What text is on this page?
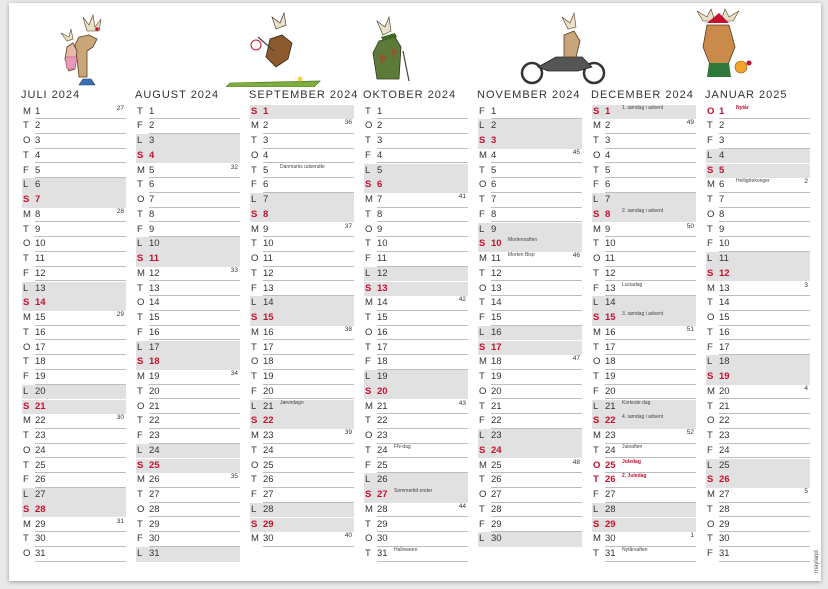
JULI 2024
M 1	27
T 2
O 3
T 4
F 5
L 6
S 7
M 8	28
T 9
O 10
T 11
F 12
L 13
S 14
M 15	29
T 16
O 17
T 18
F 19
L 20
S 21
M 22	30
T 23
O 24
T 25
F 26
L 27
S 28
M 29	31
T 30
O 31
AUGUST 2024
T 1
F 2
L 3
S 4
M 5	32
T 6
O 7
T 8
F 9
L 10
S 11
M 12	33
T 13
O 14
T 15
F 16
L 17
S 18
M 19	34
T 20
O 21
T 22
F 23
L 24
S 25
M 26	35
T 27
O 28
T 29
F 30
L 31
SEPTEMBER 2024
S 1
M 2	36
T 3
O 4
T 5	Danmarks udsendte
F 6
L 7
S 8
M 9	37
T 10
O 11
T 12
F 13
L 14
S 15
M 16	38
T 17
O 18
T 19
F 20
L 21	Jævndøgn
S 22
M 23	39
T 24
O 25
T 26
F 27
L 28
S 29
M 30	40
OKTOBER 2024
T 1
O 2
T 3
F 4
L 5
S 6
M 7	41
T 8
O 9
T 10
F 11
L 12
S 13
M 14	42
T 15
O 16
T 17
F 18
L 19
S 20
M 21	43
T 22
O 23
T 24	FN-dag
F 25
L 26
S 27	Sommertid ender
M 28	44
T 29
O 30
T 31	Halloween
NOVEMBER 2024
F 1
L 2
S 3
M 4	45
T 5
O 6
T 7
F 8
L 9
S 10	Mortensaften
M 11	Morten Bisp	46
T 12
O 13
T 14
F 15
L 16
S 17
M 18	47
T 19
O 20
T 21
F 22
L 23
S 24
M 25	48
T 26
O 27
T 28
F 29
L 30
DECEMBER 2024
S 1	1. søndag i advent
M 2	49
T 3
O 4
T 5
F 6
L 7
S 8	2. søndag i advent
M 9	50
T 10
O 11
T 12
F 13	Luciadag
L 14
S 15	3. søndag i advent
M 16	51
T 17
O 18
T 19
F 20
L 21	Korteste dag
S 22	4. søndag i advent
M 23	52
T 24	Juleaften
O 25	Juledag
T 26	2. Juledag
F 27
L 28
S 29
M 30	1
T 31	Nytårsaften
JANUAR 2025
O 1	Nytår
T 2
F 3
L 4
S 5
M 6	Helligtrekonger	2
T 7
O 8
T 9
F 10
L 11
S 12
M 13	3
T 14
O 15
T 16
F 17
L 18
S 19
M 20	4
T 21
O 22
T 23
F 24
L 25
S 26
M 27	5
T 28
O 29
T 30
F 31	mayland
